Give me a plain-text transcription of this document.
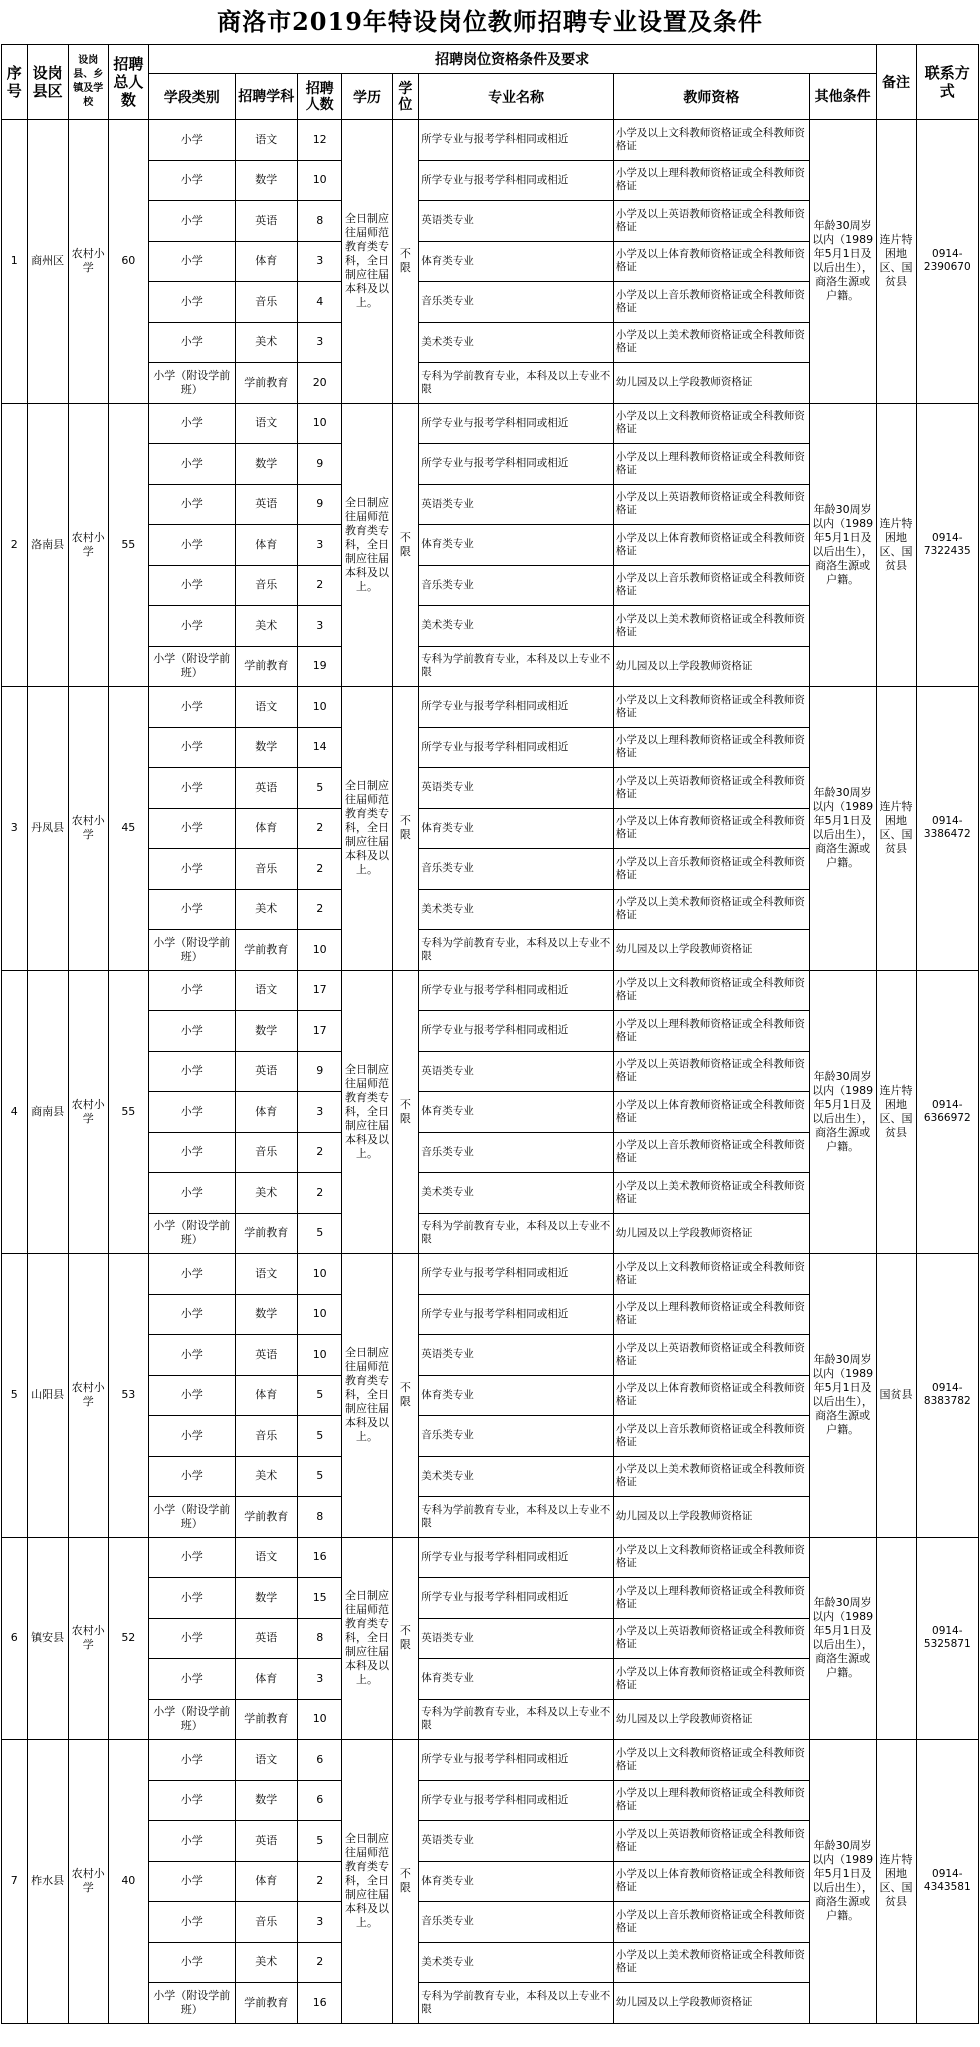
商洛市2019年特设岗位教师招聘专业设置及条件
序号	设岗县区	设岗县、乡镇及学校	招聘总人数	招聘岗位资格条件及要求								备注	联系方式
				学段类别	招聘学科	招聘人数	学历	学位	专业名称	教师资格	其他条件		
1	商州区	农村小学	60	小学	语文	12	全日制应往届师范教育类专科，全日制应往届本科及以上。	不限	所学专业与报考学科相同或相近	小学及以上文科教师资格证或全科教师资格证	年龄30周岁以内（1989年5月1日及以后出生），商洛生源或户籍。	连片特困地区、国贫县	0914-2390670
				小学	数学	10			所学专业与报考学科相同或相近	小学及以上理科教师资格证或全科教师资格证			
				小学	英语	8			英语类专业	小学及以上英语教师资格证或全科教师资格证			
				小学	体育	3			体育类专业	小学及以上体育教师资格证或全科教师资格证			
				小学	音乐	4			音乐类专业	小学及以上音乐教师资格证或全科教师资格证			
				小学	美术	3			美术类专业	小学及以上美术教师资格证或全科教师资格证			
				小学（附设学前班）	学前教育	20			专科为学前教育专业，本科及以上专业不限	幼儿园及以上学段教师资格证			
2	洛南县	农村小学	55	小学	语文	10	全日制应往届师范教育类专科，全日制应往届本科及以上。	不限	所学专业与报考学科相同或相近	小学及以上文科教师资格证或全科教师资格证	年龄30周岁以内（1989年5月1日及以后出生），商洛生源或户籍。	连片特困地区、国贫县	0914-7322435
				小学	数学	9			所学专业与报考学科相同或相近	小学及以上理科教师资格证或全科教师资格证			
				小学	英语	9			英语类专业	小学及以上英语教师资格证或全科教师资格证			
				小学	体育	3			体育类专业	小学及以上体育教师资格证或全科教师资格证			
				小学	音乐	2			音乐类专业	小学及以上音乐教师资格证或全科教师资格证			
				小学	美术	3			美术类专业	小学及以上美术教师资格证或全科教师资格证			
				小学（附设学前班）	学前教育	19			专科为学前教育专业，本科及以上专业不限	幼儿园及以上学段教师资格证			
3	丹凤县	农村小学	45	小学	语文	10	全日制应往届师范教育类专科，全日制应往届本科及以上。	不限	所学专业与报考学科相同或相近	小学及以上文科教师资格证或全科教师资格证	年龄30周岁以内（1989年5月1日及以后出生），商洛生源或户籍。	连片特困地区、国贫县	0914-3386472
				小学	数学	14			所学专业与报考学科相同或相近	小学及以上理科教师资格证或全科教师资格证			
				小学	英语	5			英语类专业	小学及以上英语教师资格证或全科教师资格证			
				小学	体育	2			体育类专业	小学及以上体育教师资格证或全科教师资格证			
				小学	音乐	2			音乐类专业	小学及以上音乐教师资格证或全科教师资格证			
				小学	美术	2			美术类专业	小学及以上美术教师资格证或全科教师资格证			
				小学（附设学前班）	学前教育	10			专科为学前教育专业，本科及以上专业不限	幼儿园及以上学段教师资格证			
4	商南县	农村小学	55	小学	语文	17	全日制应往届师范教育类专科，全日制应往届本科及以上。	不限	所学专业与报考学科相同或相近	小学及以上文科教师资格证或全科教师资格证	年龄30周岁以内（1989年5月1日及以后出生），商洛生源或户籍。	连片特困地区、国贫县	0914-6366972
				小学	数学	17			所学专业与报考学科相同或相近	小学及以上理科教师资格证或全科教师资格证			
				小学	英语	9			英语类专业	小学及以上英语教师资格证或全科教师资格证			
				小学	体育	3			体育类专业	小学及以上体育教师资格证或全科教师资格证			
				小学	音乐	2			音乐类专业	小学及以上音乐教师资格证或全科教师资格证			
				小学	美术	2			美术类专业	小学及以上美术教师资格证或全科教师资格证			
				小学（附设学前班）	学前教育	5			专科为学前教育专业，本科及以上专业不限	幼儿园及以上学段教师资格证			
5	山阳县	农村小学	53	小学	语文	10	全日制应往届师范教育类专科，全日制应往届本科及以上。	不限	所学专业与报考学科相同或相近	小学及以上文科教师资格证或全科教师资格证	年龄30周岁以内（1989年5月1日及以后出生），商洛生源或户籍。	国贫县	0914-8383782
				小学	数学	10			所学专业与报考学科相同或相近	小学及以上理科教师资格证或全科教师资格证			
				小学	英语	10			英语类专业	小学及以上英语教师资格证或全科教师资格证			
				小学	体育	5			体育类专业	小学及以上体育教师资格证或全科教师资格证			
				小学	音乐	5			音乐类专业	小学及以上音乐教师资格证或全科教师资格证			
				小学	美术	5			美术类专业	小学及以上美术教师资格证或全科教师资格证			
				小学（附设学前班）	学前教育	8			专科为学前教育专业，本科及以上专业不限	幼儿园及以上学段教师资格证			
6	镇安县	农村小学	52	小学	语文	16	全日制应往届师范教育类专科，全日制应往届本科及以上。	不限	所学专业与报考学科相同或相近	小学及以上文科教师资格证或全科教师资格证	年龄30周岁以内（1989年5月1日及以后出生），商洛生源或户籍。		0914-5325871
				小学	数学	15			所学专业与报考学科相同或相近	小学及以上理科教师资格证或全科教师资格证			
				小学	英语	8			英语类专业	小学及以上英语教师资格证或全科教师资格证			
				小学	体育	3			体育类专业	小学及以上体育教师资格证或全科教师资格证			
				小学（附设学前班）	学前教育	10			专科为学前教育专业，本科及以上专业不限	幼儿园及以上学段教师资格证			
7	柞水县	农村小学	40	小学	语文	6	全日制应往届师范教育类专科，全日制应往届本科及以上。	不限	所学专业与报考学科相同或相近	小学及以上文科教师资格证或全科教师资格证	年龄30周岁以内（1989年5月1日及以后出生），商洛生源或户籍。	连片特困地区、国贫县	0914-4343581
				小学	数学	6			所学专业与报考学科相同或相近	小学及以上理科教师资格证或全科教师资格证			
				小学	英语	5			英语类专业	小学及以上英语教师资格证或全科教师资格证			
				小学	体育	2			体育类专业	小学及以上体育教师资格证或全科教师资格证			
				小学	音乐	3			音乐类专业	小学及以上音乐教师资格证或全科教师资格证			
				小学	美术	2			美术类专业	小学及以上美术教师资格证或全科教师资格证			
				小学（附设学前班）	学前教育	16			专科为学前教育专业，本科及以上专业不限	幼儿园及以上学段教师资格证			
